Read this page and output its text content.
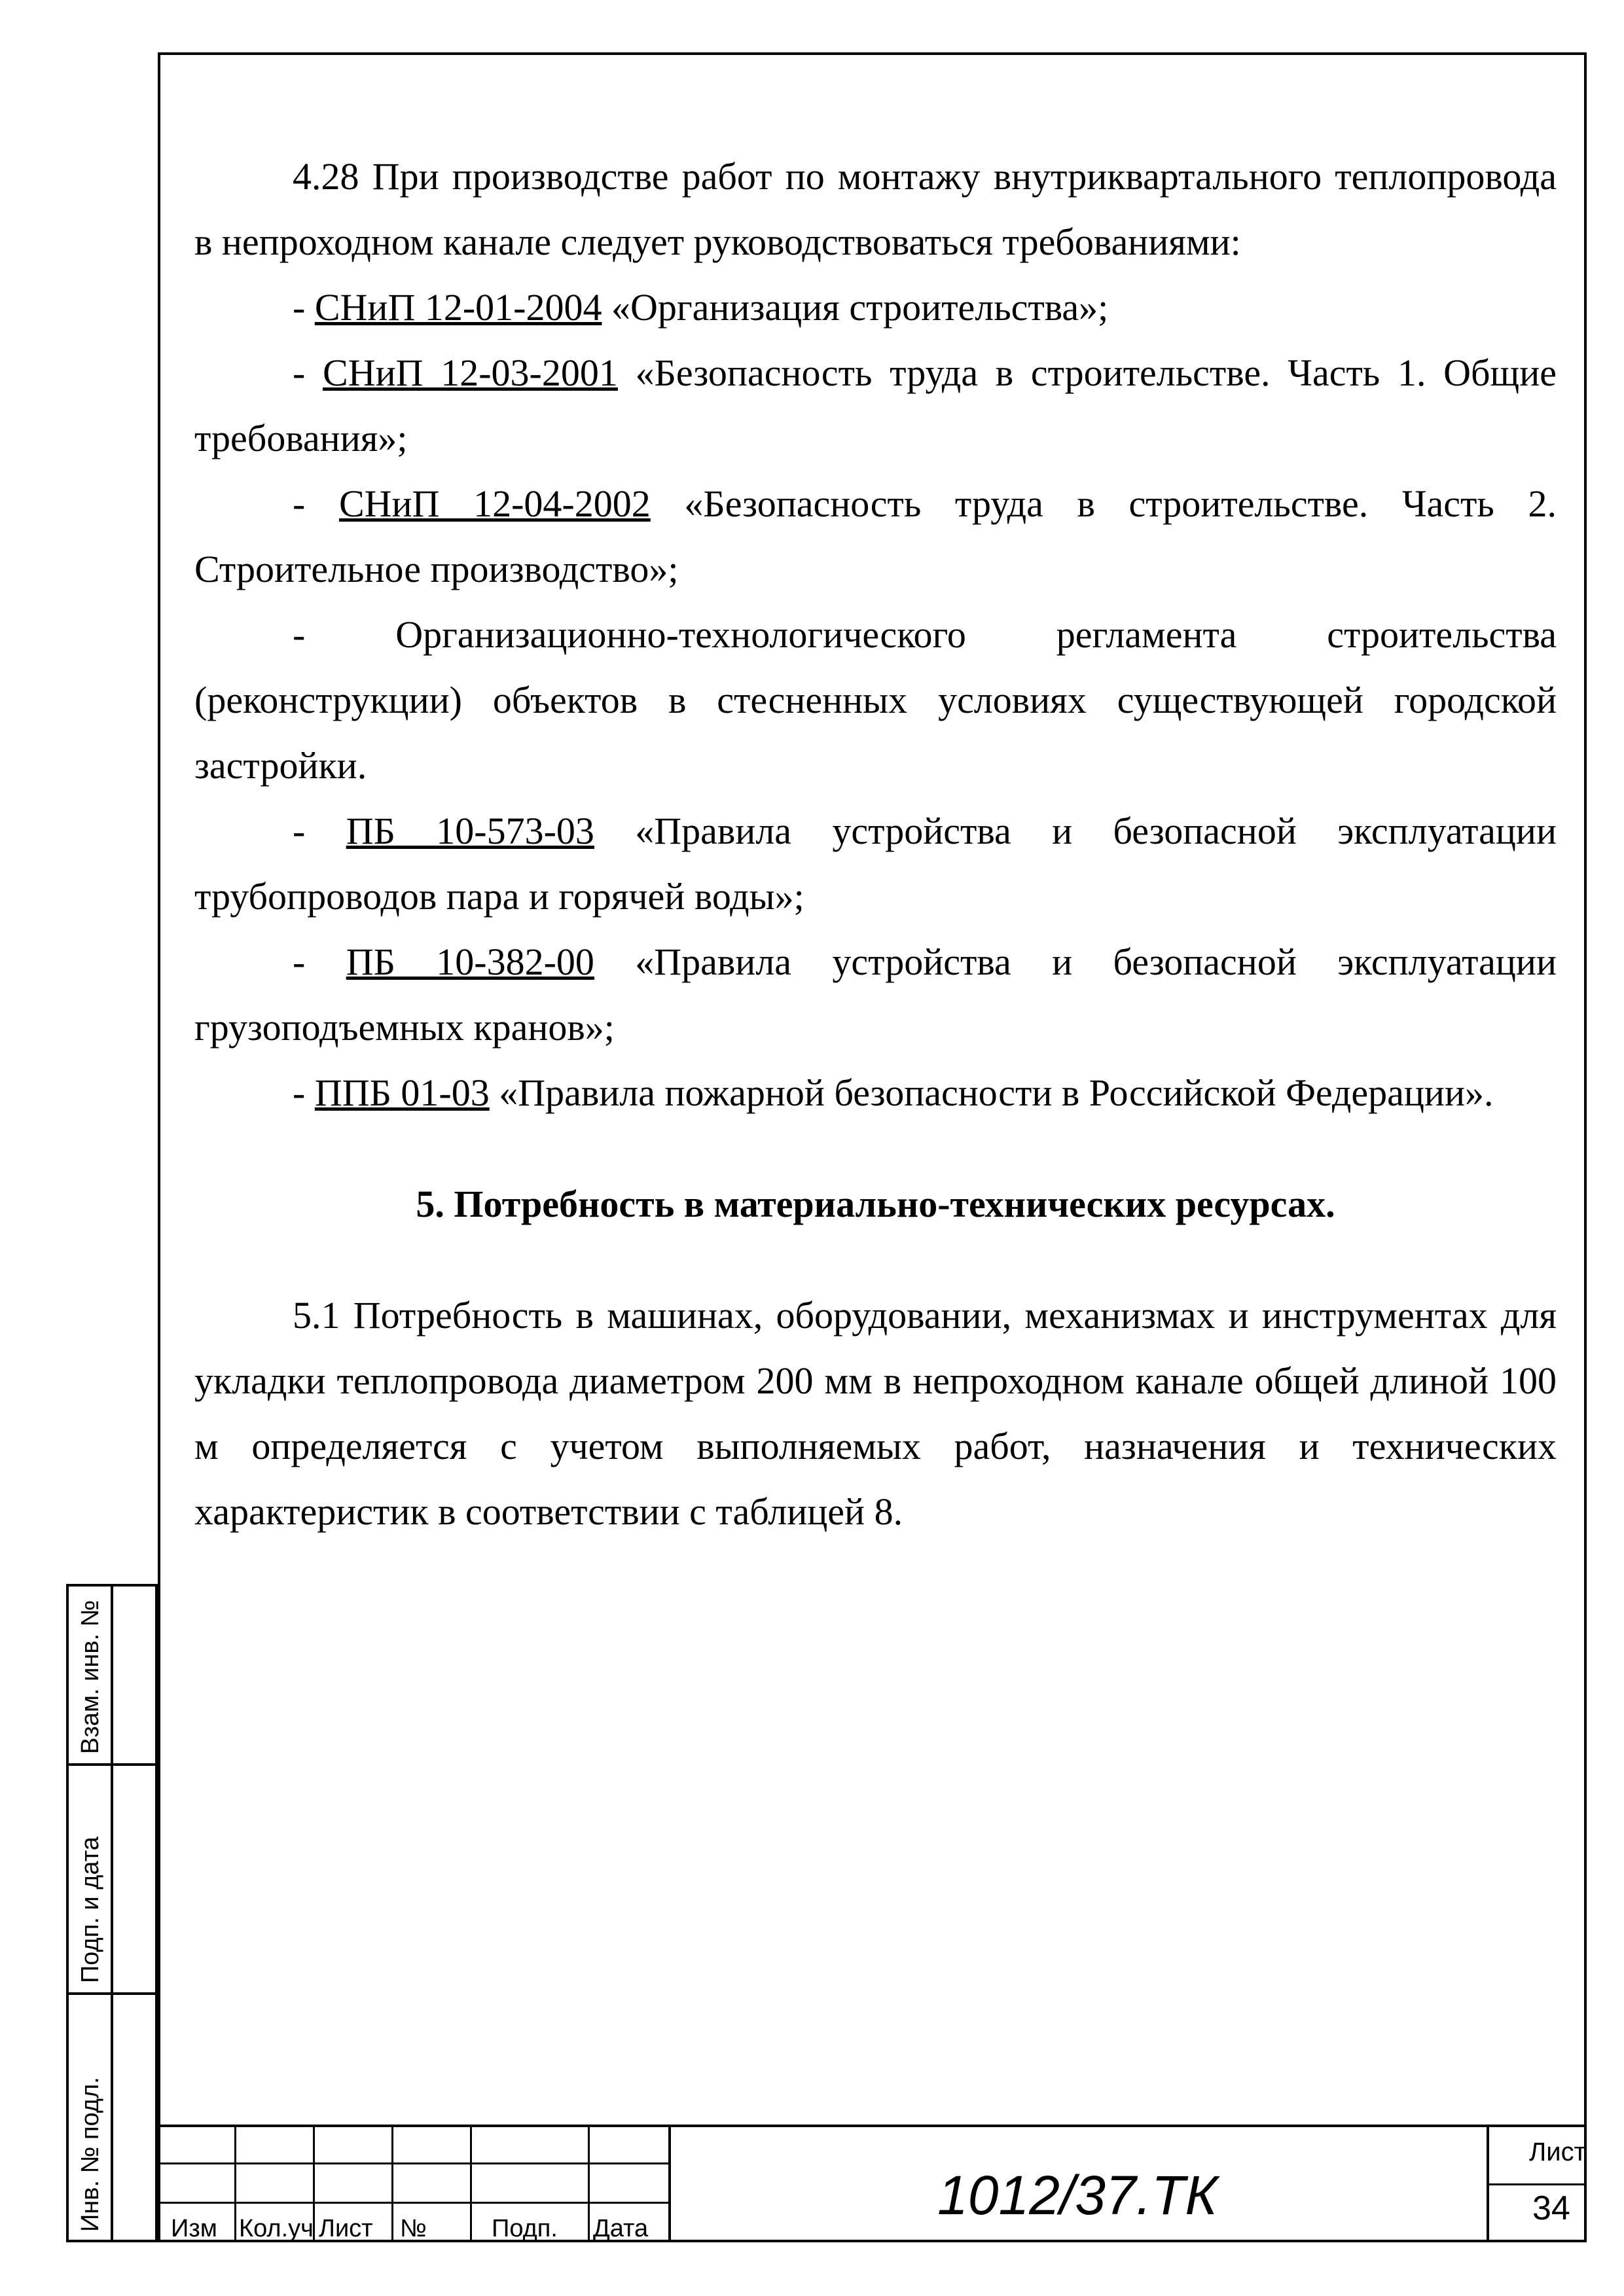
4.28 При производстве работ по монтажу внутриквартального теплопровода в непроходном канале следует руководствоваться требованиями:

- СНиП 12-01-2004 «Организация строительства»;

- СНиП 12-03-2001 «Безопасность труда в строительстве. Часть 1. Общие требования»;

- СНиП 12-04-2002 «Безопасность труда в строительстве. Часть 2. Строительное производство»;

- Организационно-технологического регламента строительства (реконструкции) объектов в стесненных условиях существующей городской застройки.

- ПБ 10-573-03 «Правила устройства и безопасной эксплуатации трубопроводов пара и горячей воды»;

- ПБ 10-382-00 «Правила устройства и безопасной эксплуатации грузоподъемных кранов»;

- ППБ 01-03 «Правила пожарной безопасности в Российской Федерации».

5. Потребность в материально-технических ресурсах.

5.1 Потребность в машинах, оборудовании, механизмах и инструментах для укладки теплопровода диаметром 200 мм в непроходном канале общей длиной 100 м определяется с учетом выполняемых работ, назначения и технических характеристик в соответствии с таблицей 8.

Взам. инв. №
Подп. и дата
Инв. № подл.	Изм Кол.уч Лист №	Подп. Дата
1012/37.ТК
Лист
34
